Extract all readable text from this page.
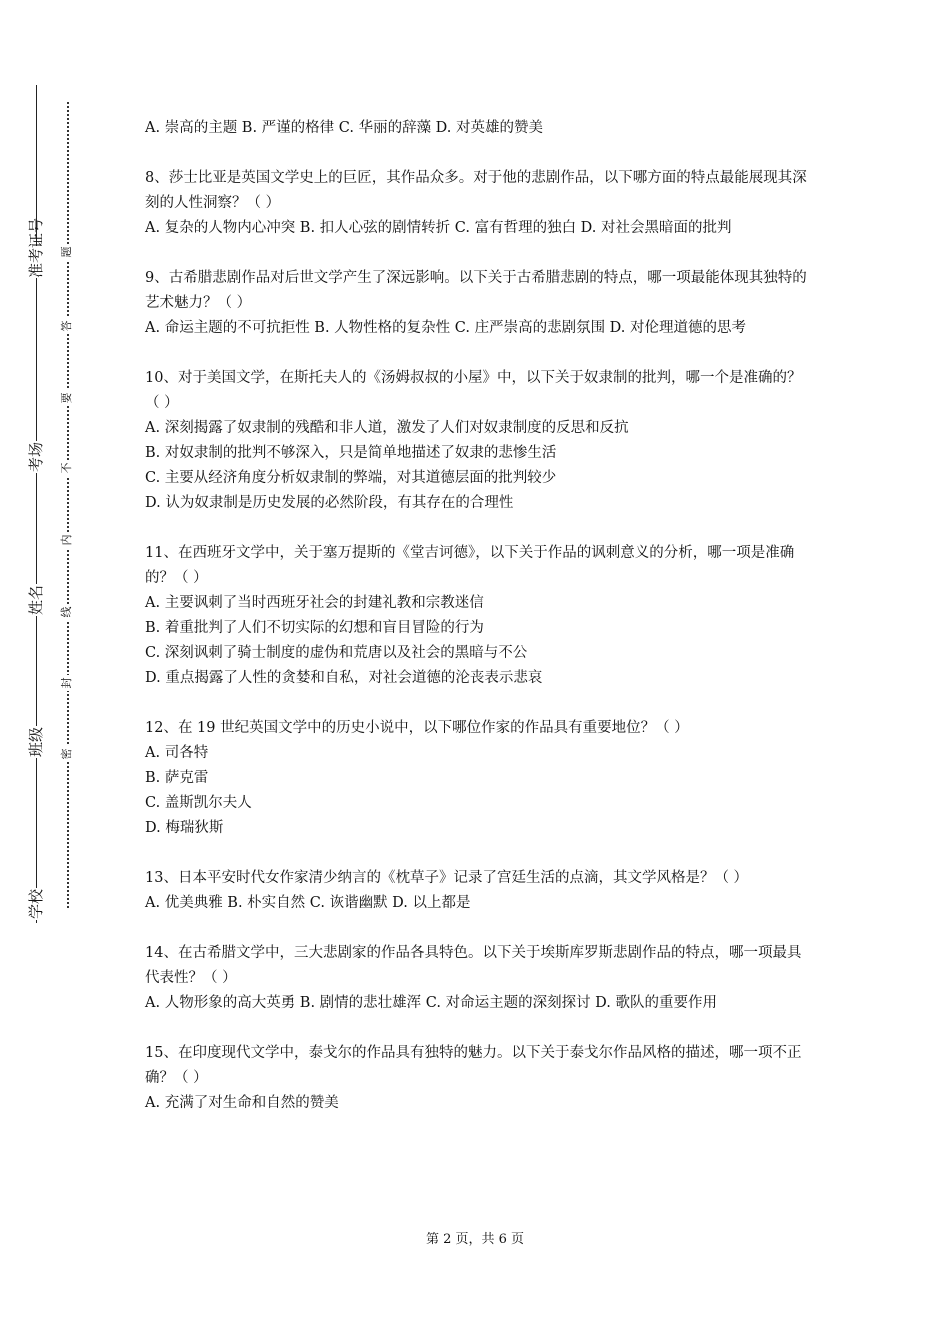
准考证号
考场
姓名
班级
学校
题
答
要
不
内
线
封
密

A. 崇高的主题 B. 严谨的格律 C. 华丽的辞藻 D. 对英雄的赞美

8、莎士比亚是英国文学史上的巨匠，其作品众多。对于他的悲剧作品，以下哪方面的特点最能展现其深刻的人性洞察？（ ）

A. 复杂的人物内心冲突 B. 扣人心弦的剧情转折 C. 富有哲理的独白 D. 对社会黑暗面的批判

9、古希腊悲剧作品对后世文学产生了深远影响。以下关于古希腊悲剧的特点，哪一项最能体现其独特的艺术魅力？（ ）

A. 命运主题的不可抗拒性 B. 人物性格的复杂性 C. 庄严崇高的悲剧氛围 D. 对伦理道德的思考

10、对于美国文学，在斯托夫人的《汤姆叔叔的小屋》中，以下关于奴隶制的批判，哪一个是准确的？（ ）

A. 深刻揭露了奴隶制的残酷和非人道，激发了人们对奴隶制度的反思和反抗

B. 对奴隶制的批判不够深入，只是简单地描述了奴隶的悲惨生活

C. 主要从经济角度分析奴隶制的弊端，对其道德层面的批判较少

D. 认为奴隶制是历史发展的必然阶段，有其存在的合理性

11、在西班牙文学中，关于塞万提斯的《堂吉诃德》，以下关于作品的讽刺意义的分析，哪一项是准确的？（ ）

A. 主要讽刺了当时西班牙社会的封建礼教和宗教迷信

B. 着重批判了人们不切实际的幻想和盲目冒险的行为

C. 深刻讽刺了骑士制度的虚伪和荒唐以及社会的黑暗与不公

D. 重点揭露了人性的贪婪和自私，对社会道德的沦丧表示悲哀

12、在 19 世纪英国文学中的历史小说中，以下哪位作家的作品具有重要地位？（ ）

A. 司各特

B. 萨克雷

C. 盖斯凯尔夫人

D. 梅瑞狄斯

13、日本平安时代女作家清少纳言的《枕草子》记录了宫廷生活的点滴，其文学风格是？（ ）

A. 优美典雅 B. 朴实自然 C. 诙谐幽默 D. 以上都是

14、在古希腊文学中，三大悲剧家的作品各具特色。以下关于埃斯库罗斯悲剧作品的特点，哪一项最具代表性？（ ）

A. 人物形象的高大英勇 B. 剧情的悲壮雄浑 C. 对命运主题的深刻探讨 D. 歌队的重要作用

15、在印度现代文学中，泰戈尔的作品具有独特的魅力。以下关于泰戈尔作品风格的描述，哪一项不正确？（ ）

A. 充满了对生命和自然的赞美

第 2 页，共 6 页
